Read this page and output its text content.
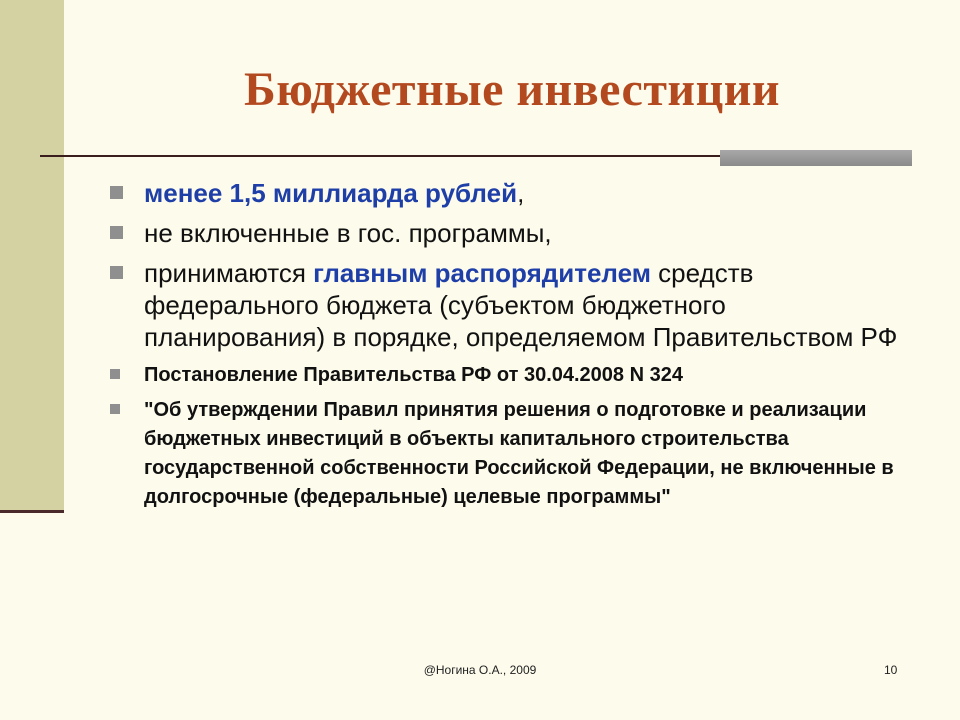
Бюджетные инвестиции
менее 1,5 миллиарда рублей,
не включенные в гос. программы,
принимаются главным распорядителем средств федерального бюджета (субъектом бюджетного планирования) в порядке, определяемом Правительством РФ
Постановление Правительства РФ от 30.04.2008 N 324
"Об утверждении Правил принятия решения о подготовке и реализации бюджетных инвестиций в объекты капитального строительства государственной собственности Российской Федерации, не включенные в долгосрочные (федеральные) целевые программы"
@Ногина О.А., 2009	10
